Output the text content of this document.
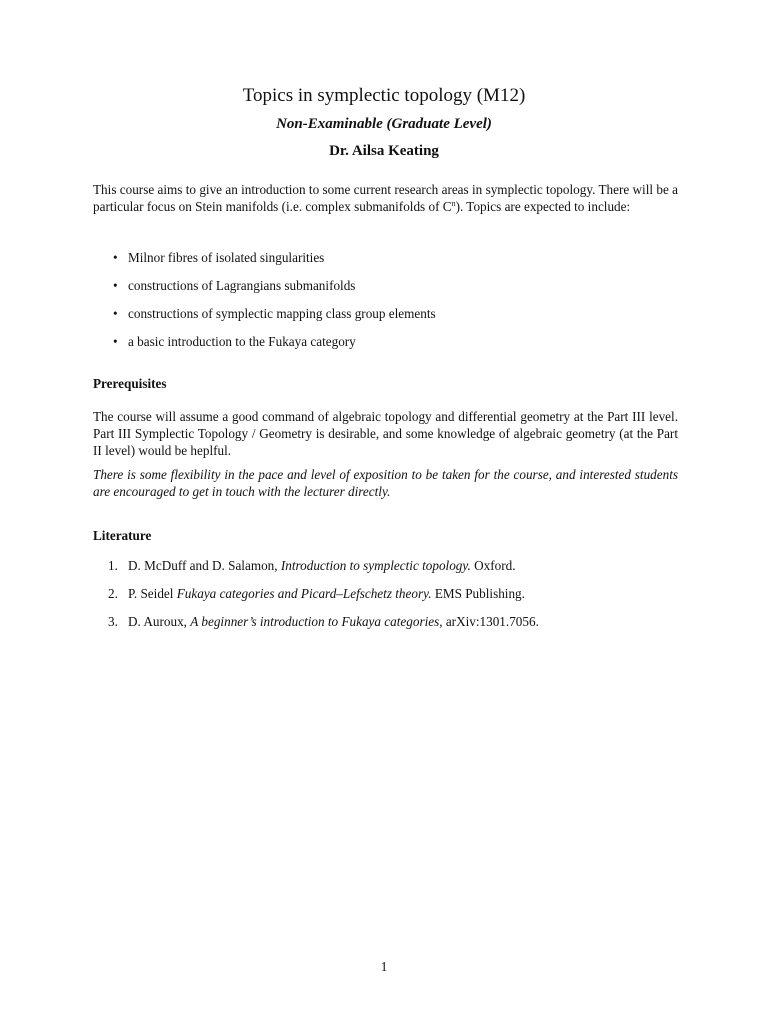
Topics in symplectic topology (M12)
Non-Examinable (Graduate Level)
Dr. Ailsa Keating
This course aims to give an introduction to some current research areas in symplectic topology. There will be a particular focus on Stein manifolds (i.e. complex submanifolds of $C^n$). Topics are expected to include:
• Milnor fibres of isolated singularities
• constructions of Lagrangians submanifolds
• constructions of symplectic mapping class group elements
• a basic introduction to the Fukaya category
Prerequisites
The course will assume a good command of algebraic topology and differential geometry at the Part III level. Part III Symplectic Topology / Geometry is desirable, and some knowledge of algebraic geometry (at the Part II level) would be heplful.
There is some flexibility in the pace and level of exposition to be taken for the course, and interested students are encouraged to get in touch with the lecturer directly.
Literature
1. D. McDuff and D. Salamon, Introduction to symplectic topology. Oxford.
2. P. Seidel Fukaya categories and Picard–Lefschetz theory. EMS Publishing.
3. D. Auroux, A beginner’s introduction to Fukaya categories, arXiv:1301.7056.
1
